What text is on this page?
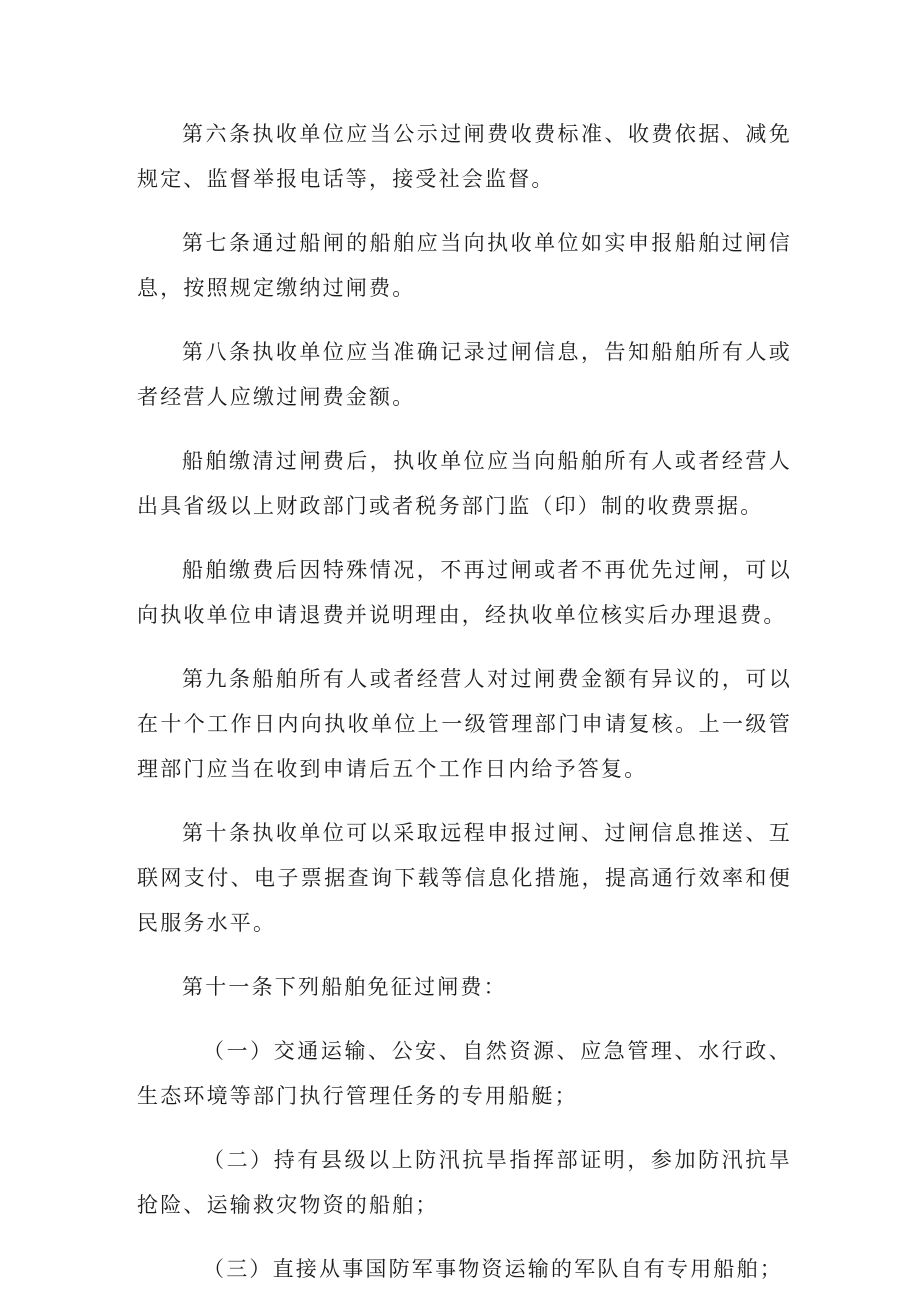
第六条执收单位应当公示过闸费收费标准、收费依据、减免规定、监督举报电话等，接受社会监督。

第七条通过船闸的船舶应当向执收单位如实申报船舶过闸信息，按照规定缴纳过闸费。

第八条执收单位应当准确记录过闸信息，告知船舶所有人或者经营人应缴过闸费金额。

船舶缴清过闸费后，执收单位应当向船舶所有人或者经营人出具省级以上财政部门或者税务部门监（印）制的收费票据。

船舶缴费后因特殊情况，不再过闸或者不再优先过闸，可以向执收单位申请退费并说明理由，经执收单位核实后办理退费。

第九条船舶所有人或者经营人对过闸费金额有异议的，可以在十个工作日内向执收单位上一级管理部门申请复核。上一级管理部门应当在收到申请后五个工作日内给予答复。

第十条执收单位可以采取远程申报过闸、过闸信息推送、互联网支付、电子票据查询下载等信息化措施，提高通行效率和便民服务水平。

第十一条下列船舶免征过闸费：

（一）交通运输、公安、自然资源、应急管理、水行政、生态环境等部门执行管理任务的专用船艇；

（二）持有县级以上防汛抗旱指挥部证明，参加防汛抗旱抢险、运输救灾物资的船舶；

（三）直接从事国防军事物资运输的军队自有专用船舶；
